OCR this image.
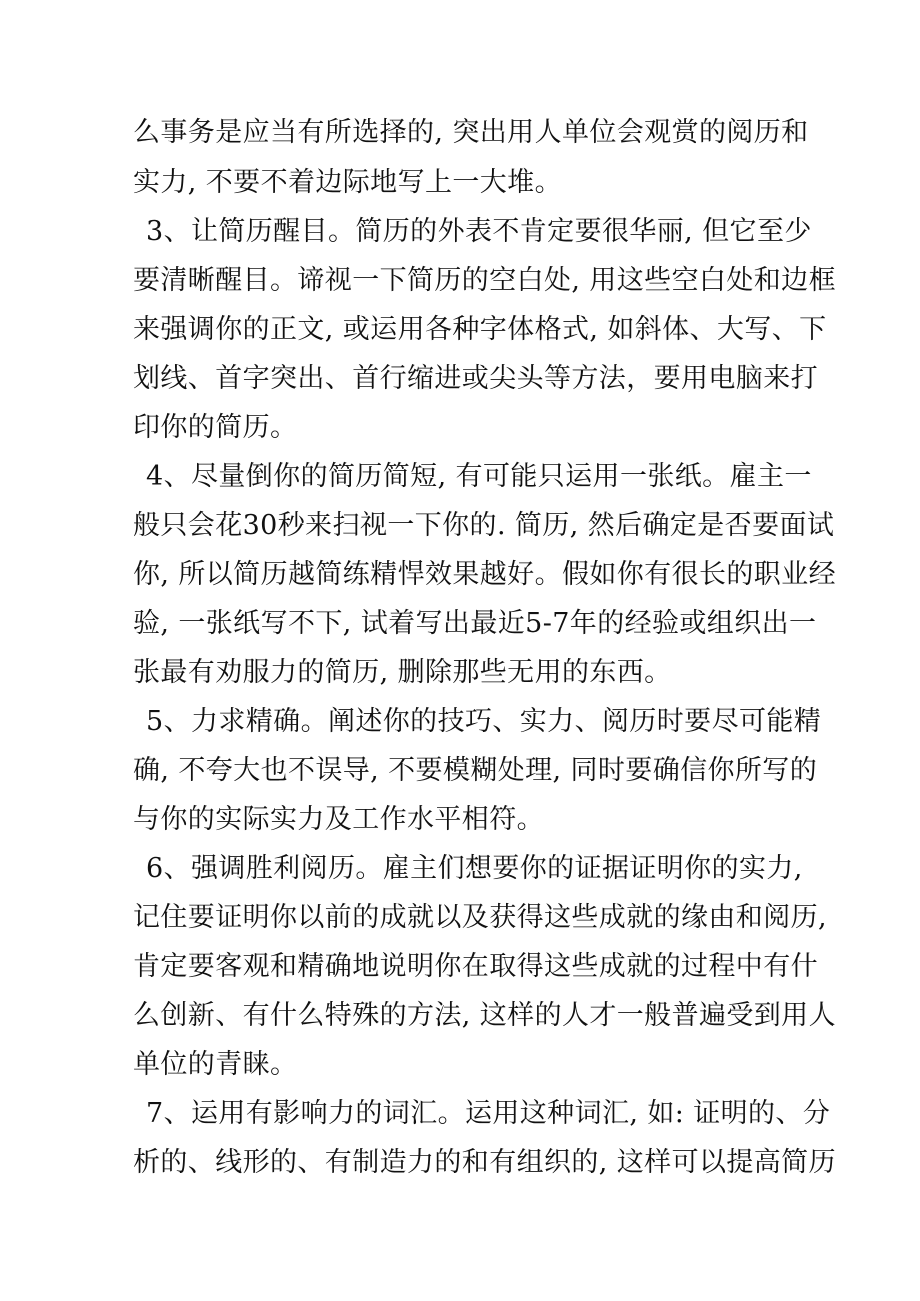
么事务是应当有所选择的, 突出用人单位会观赏的阅历和
实力, 不要不着边际地写上一大堆。
3、让简历醒目。简历的外表不肯定要很华丽, 但它至少
要清晰醒目。谛视一下简历的空白处, 用这些空白处和边框
来强调你的正文, 或运用各种字体格式, 如斜体、大写、下
划线、首字突出、首行缩进或尖头等方法，要用电脑来打
印你的简历。
4、尽量倒你的简历简短, 有可能只运用一张纸。雇主一
般只会花30秒来扫视一下你的. 简历, 然后确定是否要面试
你, 所以简历越简练精悍效果越好。假如你有很长的职业经
验, 一张纸写不下, 试着写出最近5-7年的经验或组织出一
张最有劝服力的简历, 删除那些无用的东西。
5、力求精确。阐述你的技巧、实力、阅历时要尽可能精
确, 不夸大也不误导, 不要模糊处理, 同时要确信你所写的
与你的实际实力及工作水平相符。
6、强调胜利阅历。雇主们想要你的证据证明你的实力,
记住要证明你以前的成就以及获得这些成就的缘由和阅历,
肯定要客观和精确地说明你在取得这些成就的过程中有什
么创新、有什么特殊的方法, 这样的人才一般普遍受到用人
单位的青睐。
7、运用有影响力的词汇。运用这种词汇, 如: 证明的、分
析的、线形的、有制造力的和有组织的, 这样可以提高简历
